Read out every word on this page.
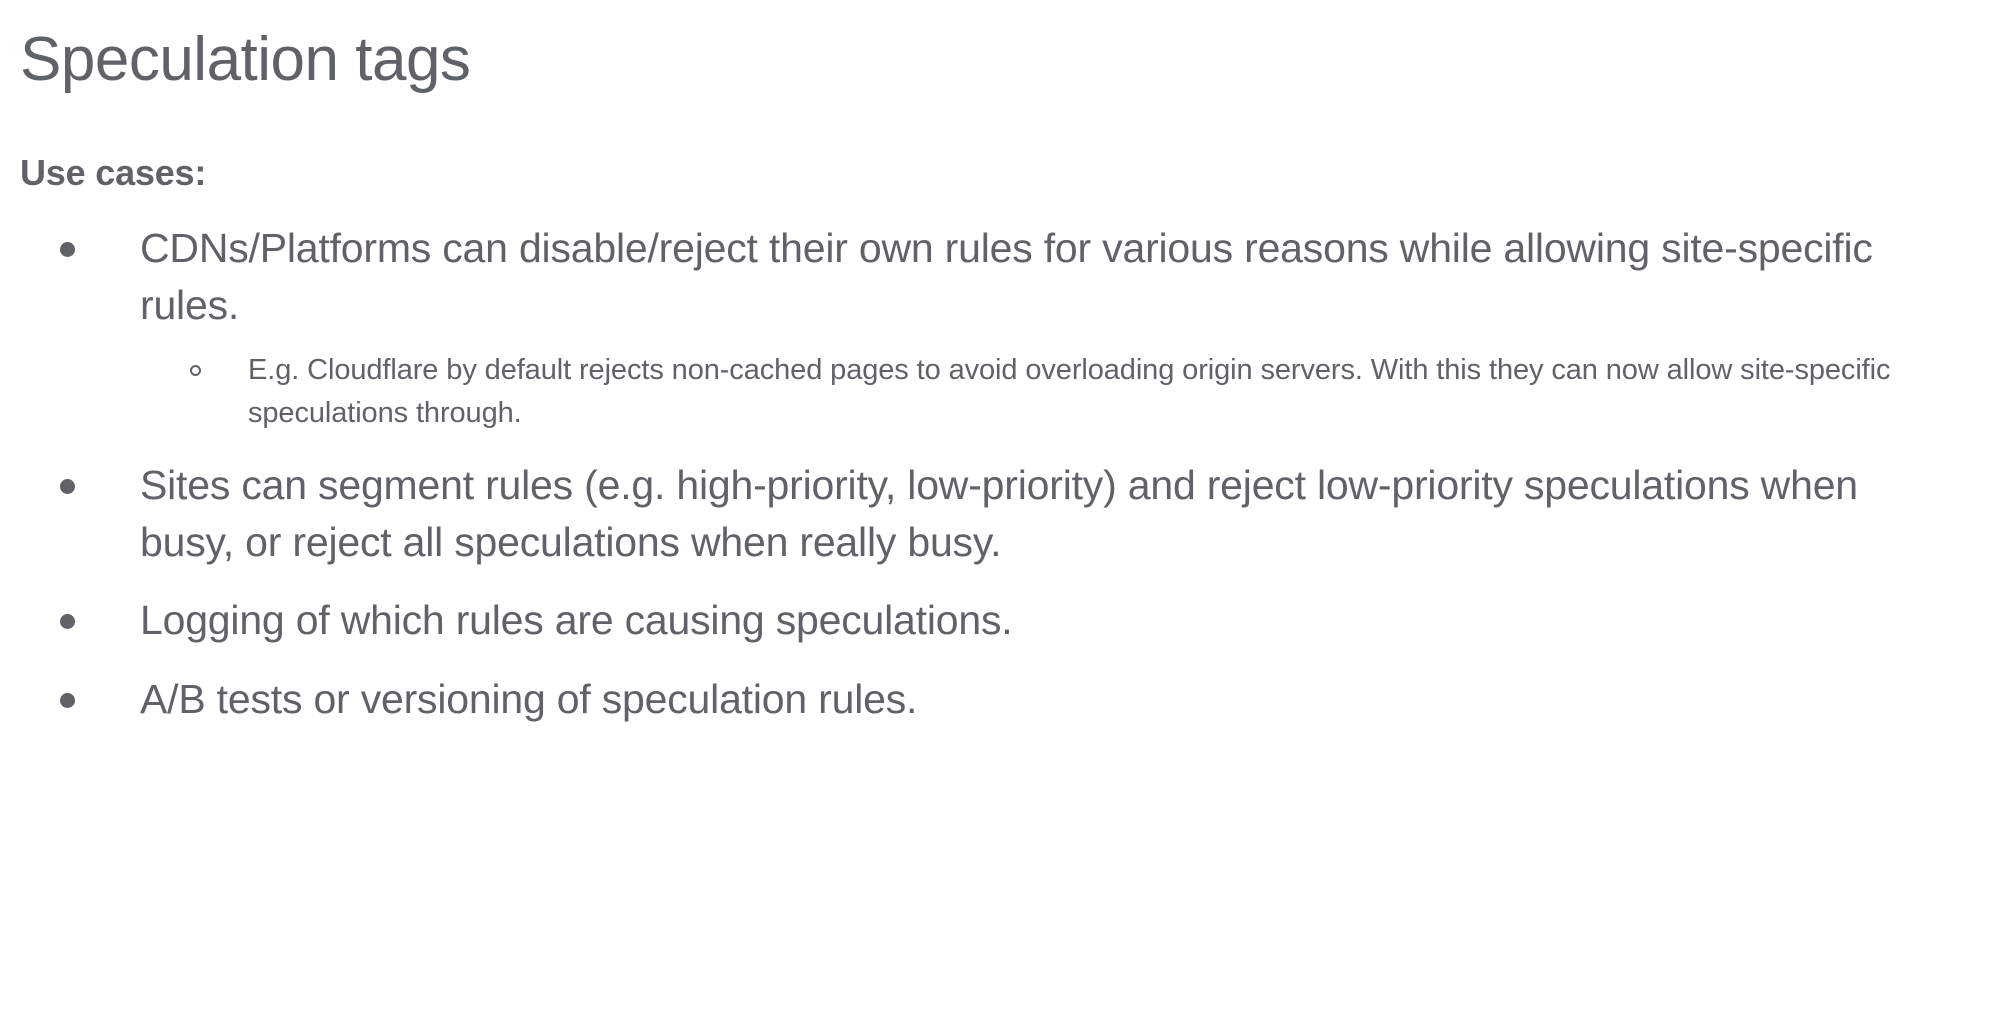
Speculation tags
Use cases:
CDNs/Platforms can disable/reject their own rules for various reasons while allowing site-specific rules.
E.g. Cloudflare by default rejects non-cached pages to avoid overloading origin servers. With this they can now allow site-specific speculations through.
Sites can segment rules (e.g. high-priority, low-priority) and reject low-priority speculations when busy, or reject all speculations when really busy.
Logging of which rules are causing speculations.
A/B tests or versioning of speculation rules.
